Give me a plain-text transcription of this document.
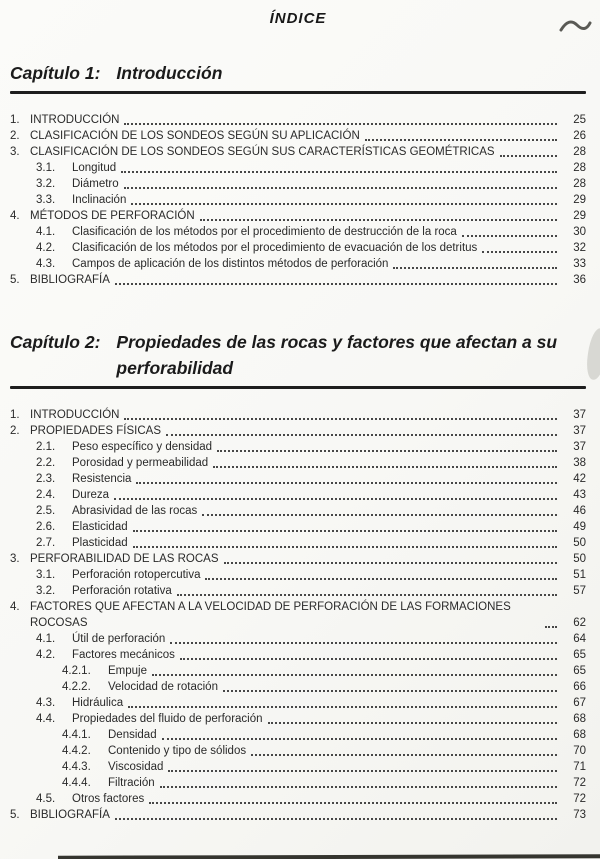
ÍNDICE
Capítulo 1: Introducción
1. INTRODUCCIÓN	25
2. CLASIFICACIÓN DE LOS SONDEOS SEGÚN SU APLICACIÓN	26
3. CLASIFICACIÓN DE LOS SONDEOS SEGÚN SUS CARACTERÍSTICAS GEOMÉTRICAS	28
3.1.	Longitud	28
3.2.	Diámetro	28
3.3.	Inclinación	29
4. MÉTODOS DE PERFORACIÓN	29
4.1.	Clasificación de los métodos por el procedimiento de destrucción de la roca	30
4.2.	Clasificación de los métodos por el procedimiento de evacuación de los detritus	32
4.3.	Campos de aplicación de los distintos métodos de perforación	33
5. BIBLIOGRAFÍA	36
Capítulo 2: Propiedades de las rocas y factores que afectan a su
perforabilidad
1. INTRODUCCIÓN	37
2. PROPIEDADES FÍSICAS	37
2.1.	Peso específico y densidad	37
2.2.	Porosidad y permeabilidad	38
2.3.	Resistencia	42
2.4.	Dureza	43
2.5.	Abrasividad de las rocas	46
2.6.	Elasticidad	49
2.7.	Plasticidad	50
3. PERFORABILIDAD DE LAS ROCAS	50
3.1.	Perforación rotopercutiva	51
3.2.	Perforación rotativa	57
4. FACTORES QUE AFECTAN A LA VELOCIDAD DE PERFORACIÓN DE LAS FORMACIONES ROCOSAS	62
4.1.	Útil de perforación	64
4.2.	Factores mecánicos	65
4.2.1.	Empuje	65
4.2.2.	Velocidad de rotación	66
4.3.	Hidráulica	67
4.4.	Propiedades del fluido de perforación	68
4.4.1.	Densidad	68
4.4.2.	Contenido y tipo de sólidos	70
4.4.3.	Viscosidad	71
4.4.4.	Filtración	72
4.5.	Otros factores	72
5. BIBLIOGRAFÍA	73
